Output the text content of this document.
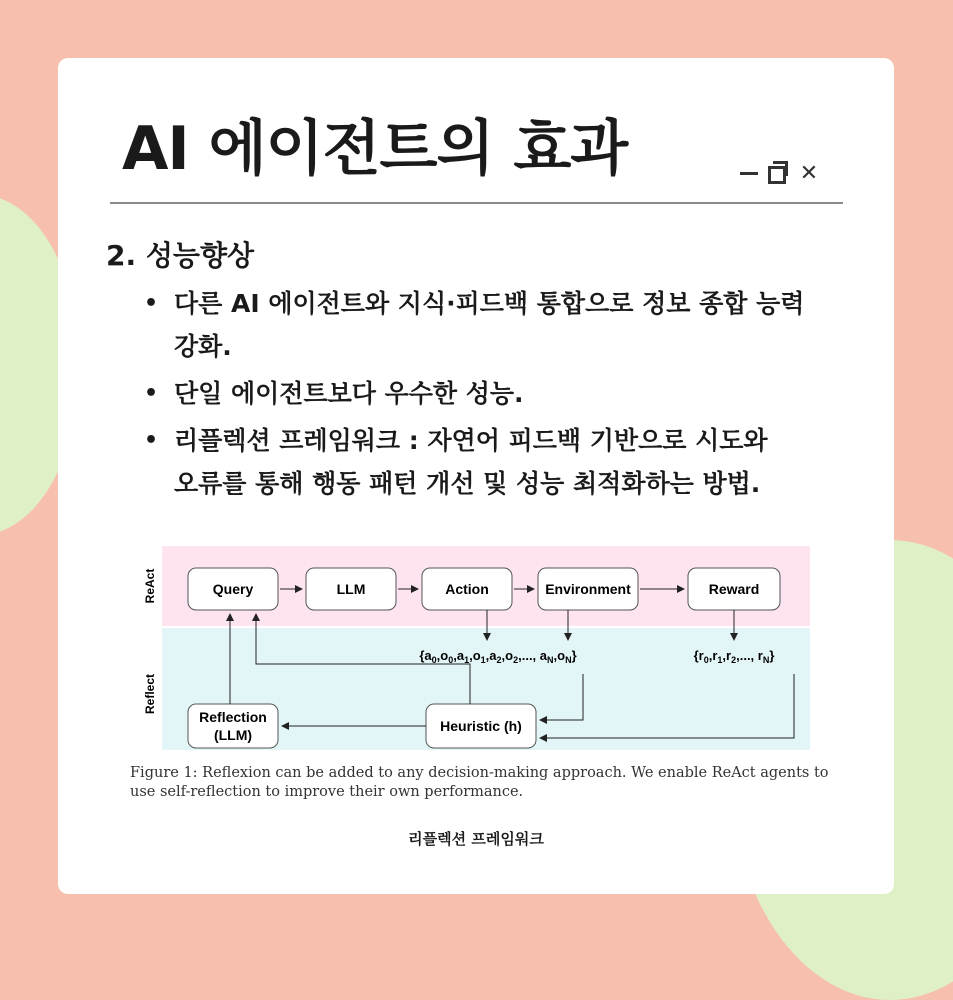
AI 에이전트의 효과	✕
2. 성능향상
• 다른 AI 에이전트와 지식·피드백 통합으로 정보 종합 능력
강화.
• 단일 에이전트보다 우수한 성능.
• 리플렉션 프레임워크 : 자연어 피드백 기반으로 시도와
오류를 통해 행동 패턴 개선 및 성능 최적화하는 방법.
ReAct
Reflect
Query	LLM	Action	Environment	Reward
{$a_0,o_0,a_1,o_1,a_2,o_2$,..., $a_N,o_N$}	{$r_0,r_1,r_2$,..., $r_N$}
Reflection
(LLM)
Heuristic (h)
Figure 1: Reflexion can be added to any decision-making approach. We enable ReAct agents to use self-reflection to improve their own performance.
리플렉션 프레임워크
